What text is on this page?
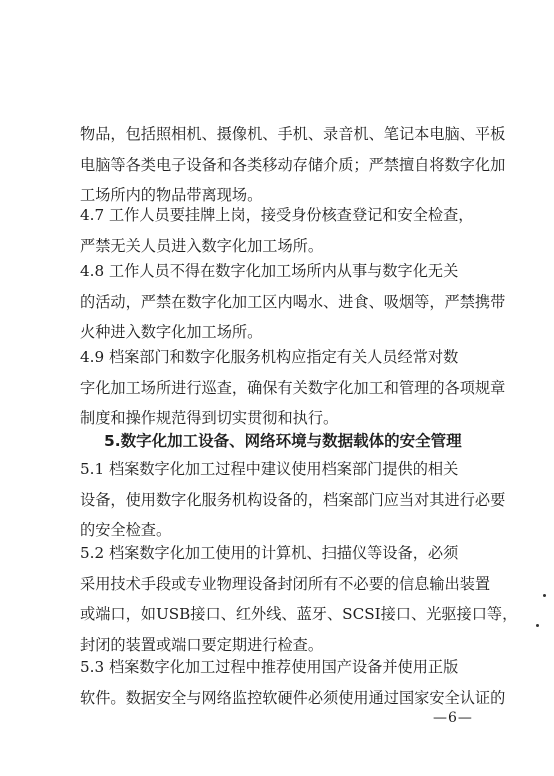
物品，包括照相机、摄像机、手机、录音机、笔记本电脑、平板
电脑等各类电子设备和各类移动存储介质；严禁擅自将数字化加
工场所内的物品带离现场。
4.7 工作人员要挂牌上岗，接受身份核查登记和安全检查，
严禁无关人员进入数字化加工场所。
4.8 工作人员不得在数字化加工场所内从事与数字化无关
的活动，严禁在数字化加工区内喝水、进食、吸烟等，严禁携带
火种进入数字化加工场所。
4.9 档案部门和数字化服务机构应指定有关人员经常对数
字化加工场所进行巡查，确保有关数字化加工和管理的各项规章
制度和操作规范得到切实贯彻和执行。
5.数字化加工设备、网络环境与数据载体的安全管理
5.1 档案数字化加工过程中建议使用档案部门提供的相关
设备，使用数字化服务机构设备的，档案部门应当对其进行必要
的安全检查。
5.2 档案数字化加工使用的计算机、扫描仪等设备，必须
采用技术手段或专业物理设备封闭所有不必要的信息输出装置
或端口，如USB接口、红外线、蓝牙、SCSI接口、光驱接口等，
封闭的装置或端口要定期进行检查。
5.3 档案数字化加工过程中推荐使用国产设备并使用正版
软件。数据安全与网络监控软硬件必须使用通过国家安全认证的
—6—
